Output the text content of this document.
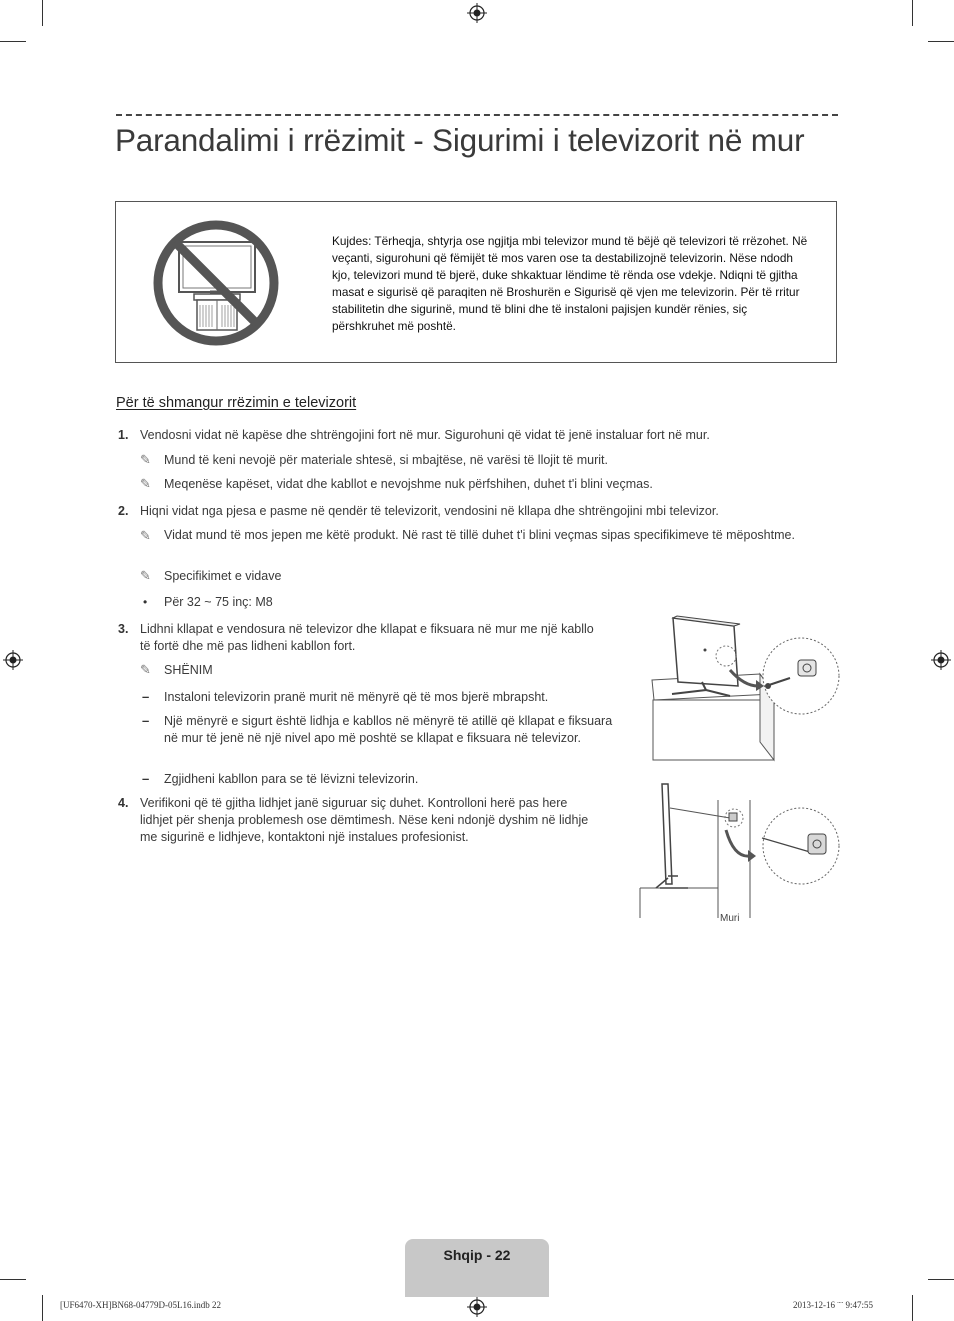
Parandalimi i rrëzimit - Sigurimi i televizorit në mur
Kujdes: Tërheqja, shtyrja ose ngjitja mbi televizor mund të bëjë që televizori të rrëzohet. Në veçanti, sigurohuni që fëmijët të mos varen ose ta destabilizojnë televizorin. Nëse ndodh kjo, televizori mund të bjerë, duke shkaktuar lëndime të rënda ose vdekje. Ndiqni të gjitha masat e sigurisë që paraqiten në Broshurën e Sigurisë që vjen me televizorin. Për të rritur stabilitetin dhe sigurinë, mund të blini dhe të instaloni pajisjen kundër rënies, siç përshkruhet më poshtë.
Për të shmangur rrëzimin e televizorit
1. Vendosni vidat në kapëse dhe shtrëngojini fort në mur. Sigurohuni që vidat të jenë instaluar fort në mur.
✎ Mund të keni nevojë për materiale shtesë, si mbajtëse, në varësi të llojit të murit.
✎ Meqenëse kapëset, vidat dhe kabllot e nevojshme nuk përfshihen, duhet t'i blini veçmas.
2. Hiqni vidat nga pjesa e pasme në qendër të televizorit, vendosini në kllapa dhe shtrëngojini mbi televizor.
✎ Vidat mund të mos jepen me këtë produkt. Në rast të tillë duhet t'i blini veçmas sipas specifikimeve të mëposhtme.
✎ Specifikimet e vidave
• Për 32 ~ 75 inç: M8
3. Lidhni kllapat e vendosura në televizor dhe kllapat e fiksuara në mur me një kabllo të fortë dhe më pas lidheni kabllon fort.
✎ SHËNIM
– Instaloni televizorin pranë murit në mënyrë që të mos bjerë mbrapsht.
– Një mënyrë e sigurt është lidhja e kabllos në mënyrë të atillë që kllapat e fiksuara në mur të jenë në një nivel apo më poshtë se kllapat e fiksuara në televizor.
– Zgjidheni kabllon para se të lëvizni televizorin.
4. Verifikoni që të gjitha lidhjet janë siguruar siç duhet. Kontrolloni herë pas here lidhjet për shenja problemesh ose dëmtimesh. Nëse keni ndonjë dyshim në lidhje me sigurinë e lidhjeve, kontaktoni një instalues profesionist.
Muri
Shqip - 22
[UF6470-XH]BN68-04779D-05L16.indb 22	2013-12-16 ¨¨ 9:47:55
